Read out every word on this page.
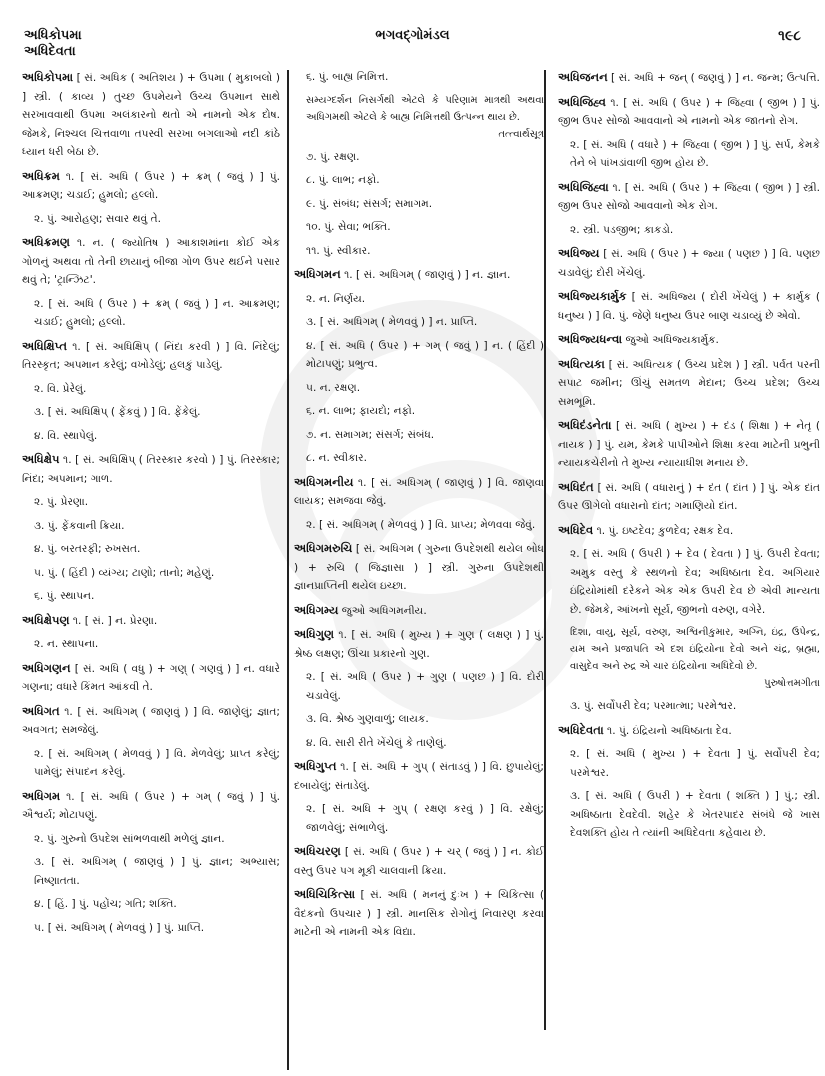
અધિકોપમા
અધિદેવતા
ભગવદ્ગોમંડલ	૧૯૮
અધિકોપમા [ સં. અધિક ( અતિશય ) + ઉપમા ( મુકાબલો ) ] સ્ત્રી. ( કાવ્ય ) તુચ્છ ઉપમેયને ઉચ્ચ ઉપમાન સાથે સરખાવવાથી ઉપમા અલંકારનો થતો એ નામનો એક દોષ. જેમકે, નિશ્ચલ ચિત્તવાળા તપસ્વી સરખા બગલાઓ નદી કાંઠે ધ્યાન ધરી બેઠા છે.
અધિક્રમ ૧. [ સં. અધિ ( ઉપર ) + ક્રમ્ ( જવું ) ] પું. આક્રમણ; ચડાઈ; હુમલો; હલ્લો.
૨. પું. આરોહણ; સવાર થવું તે.
અધિક્રમણ ૧. ન. ( જ્યોતિષ ) આકાશમાંના કોઈ એક ગોળનું અથવા તો તેની છાયાનું બીજા ગોળ ઉપર થઈને પસાર થવું તે; 'ટ્રાન્ઝિટ'.
૨. [ સં. અધિ ( ઉપર ) + ક્રમ્ ( જવું ) ] ન. આક્રમણ; ચડાઈ; હુમલો; હલ્લો.
અધિક્ષિપ્ત ૧. [ સં. અધિક્ષિપ્ ( નિંદા કરવી ) ] વિ. નિંદેલું; તિરસ્કૃત; અપમાન કરેલું; વખોડેલું; હલકું પાડેલું.
૨. વિ. પ્રેરેલું.
૩. [ સં. અધિક્ષિપ્ ( ફેંકવું ) ] વિ. ફેંકેલું.
૪. વિ. સ્થાપેલું.
અધિક્ષેપ ૧. [ સં. અધિક્ષિપ્ ( તિરસ્કાર કરવો ) ] પું. તિરસ્કાર; નિંદા; અપમાન; ગાળ.
૨. પું. પ્રેરણા.
૩. પું. ફેંકવાની ક્રિયા.
૪. પું. બરતરફી; રુખસત.
૫. પું. ( હિંદી ) વ્યંગ્ય; ટાણો; તાનો; મહેણું.
૬. પું. સ્થાપન.
અધિક્ષેપણ ૧. [ સં. ] ન. પ્રેરણા.
૨. ન. સ્થાપના.
અધિગણન [ સં. અધિ ( વધુ ) + ગણ્ ( ગણવું ) ] ન. વધારે ગણના; વધારે કિંમત આંકવી તે.
અધિગત ૧. [ સં. અધિગમ્ ( જાણવું ) ] વિ. જાણેલું; જ્ઞાત; અવગત; સમજેલું.
૨. [ સં. અધિગમ્ ( મેળવવું ) ] વિ. મેળવેલું; પ્રાપ્ત કરેલું; પામેલું; સંપાદન કરેલું.
અધિગમ ૧. [ સં. અધિ ( ઉપર ) + ગમ્ ( જવું ) ] પું. ઐશ્વર્ય; મોટાપણું.
૨. પું. ગુરુનો ઉપદેશ સાંભળવાથી મળેલું જ્ઞાન.
૩. [ સં. અધિગમ્ ( જાણવું ) ] પું. જ્ઞાન; અભ્યાસ; નિષ્ણાતતા.
૪. [ હિં. ] પું. પહોંચ; ગતિ; શક્તિ.
૫. [ સં. અધિગમ્ ( મેળવવું ) ] પું. પ્રાપ્તિ.
૬. પું. બાહ્ય નિમિત્ત.
સમ્યગ્દર્શન નિસર્ગથી એટલે કે પરિણામ માત્રથી અથવા અધિગમથી એટલે કે બાહ્ય નિમિત્તથી ઉત્પન્ન થાય છે.
તત્ત્વાર્થસૂત્ર
૭. પું. રક્ષણ.
૮. પું. લાભ; નફો.
૯. પું. સંબંધ; સંસર્ગ; સમાગમ.
૧૦. પું. સેવા; ભક્તિ.
૧૧. પું. સ્વીકાર.
અધિગમન ૧. [ સં. અધિગમ્ ( જાણવું ) ] ન. જ્ઞાન.
૨. ન. નિર્ણય.
૩. [ સં. અધિગમ્ ( મેળવવું ) ] ન. પ્રાપ્તિ.
૪. [ સં. અધિ ( ઉપર ) + ગમ્ ( જવું ) ] ન. ( હિંદી ) મોટાપણું; પ્રભુત્વ.
૫. ન. રક્ષણ.
૬. ન. લાભ; ફાયદો; નફો.
૭. ન. સમાગમ; સંસર્ગ; સંબંધ.
૮. ન. સ્વીકાર.
અધિગમનીય ૧. [ સં. અધિગમ્ ( જાણવું ) ] વિ. જાણવા લાયક; સમજવા જેવું.
૨. [ સં. અધિગમ્ ( મેળવવું ) ] વિ. પ્રાપ્ય; મેળવવા જેવું.
અધિગમરુચિ [ સં. અધિગમ ( ગુરુના ઉપદેશથી થયેલ બોધ ) + રુચિ ( જિજ્ઞાસા ) ] સ્ત્રી. ગુરુના ઉપદેશથી જ્ઞાનપ્રાપ્તિની થયેલ ઇચ્છા.
અધિગમ્ય જુઓ અધિગમનીય.
અધિગુણ ૧. [ સં. અધિ ( મુખ્ય ) + ગુણ ( લક્ષણ ) ] પું. શ્રેષ્ઠ લક્ષણ; ઊંચા પ્રકારનો ગુણ.
૨. [ સં. અધિ ( ઉપર ) + ગુણ ( પણછ ) ] વિ. દોરી ચડાવેલું.
૩. વિ. શ્રેષ્ઠ ગુણવાળું; લાયક.
૪. વિ. સારી રીતે ખેંચેલું કે તાણેલું.
અધિગુપ્ત ૧. [ સં. અધિ + ગુપ્ ( સંતાડવું ) ] વિ. છુપાયેલું; દબાયેલું; સંતાડેલું.
૨. [ સં. અધિ + ગુપ્ ( રક્ષણ કરવું ) ] વિ. રક્ષેલું; જાળવેલું; સંભાળેલું.
અધિચરણ [ સં. અધિ ( ઉપર ) + ચર્ ( જવું ) ] ન. કોઈ વસ્તુ ઉપર પગ મૂકી ચાલવાની ક્રિયા.
અધિચિકિત્સા [ સં. અધિ ( મનનું દુઃખ ) + ચિકિત્સા ( વૈદકનો ઉપચાર ) ] સ્ત્રી. માનસિક રોગોનું નિવારણ કરવા માટેની એ નામની એક વિદ્યા.
અધિજનન [ સં. અધિ + જન્ ( જણવું ) ] ન. જન્મ; ઉત્પત્તિ.
અધિજિહ્વ ૧. [ સં. અધિ ( ઉપર ) + જિહ્વા ( જીભ ) ] પું. જીભ ઉપર સોજો આવવાનો એ નામનો એક જાતનો રોગ.
૨. [ સં. અધિ ( વધારે ) + જિહ્વા ( જીભ ) ] પું. સર્પ, કેમકે તેને બે પાંખડાંવાળી જીભ હોય છે.
અધિજિહ્વા ૧. [ સં. અધિ ( ઉપર ) + જિહ્વા ( જીભ ) ] સ્ત્રી. જીભ ઉપર સોજો આવવાનો એક રોગ.
૨. સ્ત્રી. પડજીભ; કાકડો.
અધિજ્ય [ સં. અધિ ( ઉપર ) + જ્યા ( પણછ ) ] વિ. પણછ ચડાવેલું; દોરી ખેંચેલું.
અધિજ્યકાર્મુક [ સં. અધિજ્ય ( દોરી ખેંચેલું ) + કાર્મુક ( ધનુષ્ય ) ] વિ. પું. જેણે ધનુષ્ય ઉપર બાણ ચડાવ્યું છે એવો.
અધિજ્યધન્વા જુઓ અધિજ્યકાર્મુક.
અધિત્યકા [ સં. અધિત્યક ( ઉચ્ચ પ્રદેશ ) ] સ્ત્રી. પર્વત પરની સપાટ જમીન; ઊંચું સમતળ મેદાન; ઉચ્ચ પ્રદેશ; ઉચ્ચ સમભૂમિ.
અધિદંડનેતા [ સં. અધિ ( મુખ્ય ) + દંડ ( શિક્ષા ) + નેતૃ ( નાયક ) ] પું. યમ, કેમકે પાપીઓને શિક્ષા કરવા માટેની પ્રભુની ન્યાયકચેરીનો તે મુખ્ય ન્યાયાધીશ મનાય છે.
અધિદંત [ સં. અધિ ( વધારાનું ) + દંત ( દાંત ) ] પું. એક દાંત ઉપર ઊગેલો વધારાનો દાંત; ગમાણિયો દાંત.
અધિદેવ ૧. પું. ઇષ્ટદેવ; કુળદેવ; રક્ષક દેવ.
૨. [ સં. અધિ ( ઉપરી ) + દેવ ( દેવતા ) ] પું. ઉપરી દેવતા; અમુક વસ્તુ કે સ્થળનો દેવ; અધિષ્ઠાતા દેવ. અગિયાર ઇંદ્રિયોમાંથી દરેકને એક એક ઉપરી દેવ છે એવી માન્યતા છે. જેમકે, આંખનો સૂર્ય, જીભનો વરુણ, વગેરે.
દિશા, વાયુ, સૂર્ય, વરુણ, અશ્વિનીકુમાર, અગ્નિ, ઇંદ્ર, ઉપેન્દ્ર, યમ અને પ્રજાપતિ એ દશ ઇંદ્રિયોના દેવો અને ચંદ્ર, બ્રહ્મા, વાસુદેવ અને રુદ્ર એ ચાર ઇંદ્રિયોના અધિદેવો છે.
પુરુષોત્તમગીતા
૩. પું. સર્વોપરી દેવ; પરમાત્મા; પરમેશ્વર.
અધિદેવતા ૧. પું. ઇંદ્રિયનો અધિષ્ઠાતા દેવ.
૨. [ સં. અધિ ( મુખ્ય ) + દેવતા ] પું. સર્વોપરી દેવ; પરમેશ્વર.
૩. [ સં. અધિ ( ઉપરી ) + દેવતા ( શક્તિ ) ] પું.; સ્ત્રી. અધિષ્ઠાતા દેવદેવી. શહેર કે ખેતરપાદર સંબંધે જે ખાસ દેવશક્તિ હોય તે ત્યાંની અધિદેવતા કહેવાય છે.
